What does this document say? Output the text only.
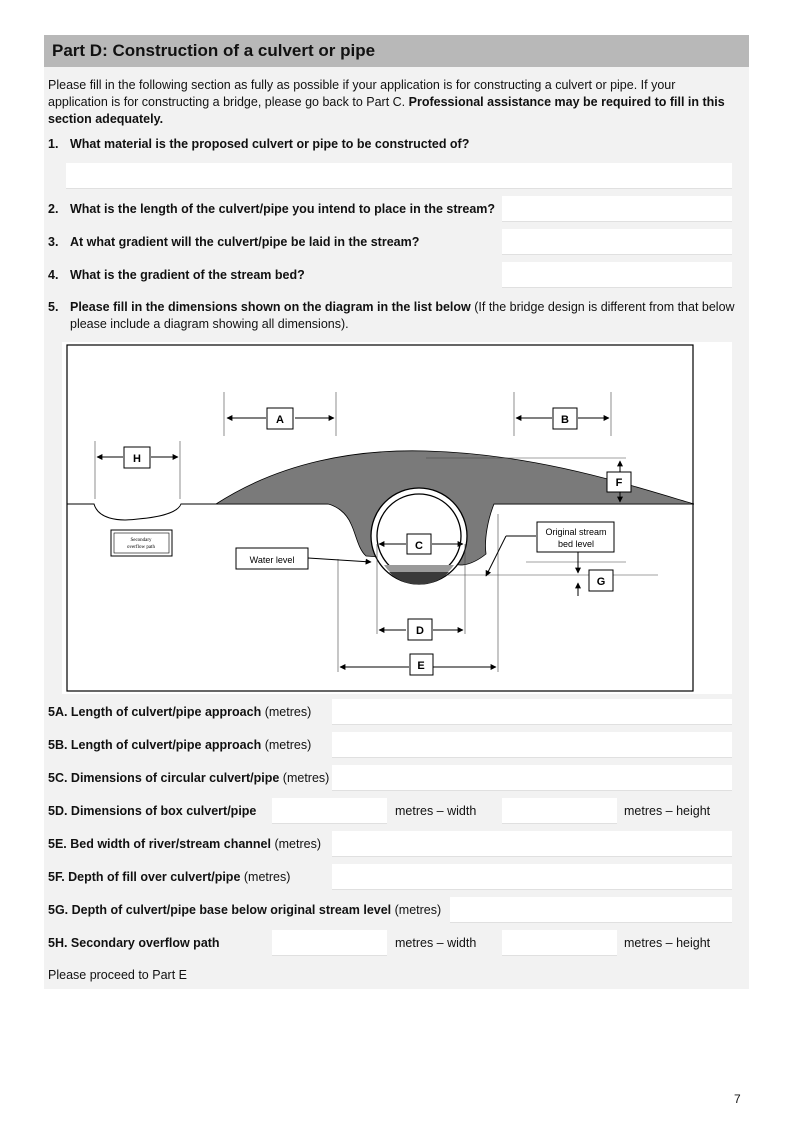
Part D: Construction of a culvert or pipe
Please fill in the following section as fully as possible if your application is for constructing a culvert or pipe. If your application is for constructing a bridge, please go back to Part C. Professional assistance may be required to fill in this section adequately.
1. What material is the proposed culvert or pipe to be constructed of?
2. What is the length of the culvert/pipe you intend to place in the stream?
3. At what gradient will the culvert/pipe be laid in the stream?
4. What is the gradient of the stream bed?
5. Please fill in the dimensions shown on the diagram in the list below (If the bridge design is different from that below please include a diagram showing all dimensions).
A	B
H
F
C
G
D
E
Secondary
overflow path
Water level
Original stream
bed level
5A. Length of culvert/pipe approach (metres)
5B. Length of culvert/pipe approach (metres)
5C. Dimensions of circular culvert/pipe (metres)
5D. Dimensions of box culvert/pipe	metres – width	metres – height
5E. Bed width of river/stream channel (metres)
5F. Depth of fill over culvert/pipe (metres)
5G. Depth of culvert/pipe base below original stream level (metres)
5H. Secondary overflow path	metres – width	metres – height
Please proceed to Part E
7
